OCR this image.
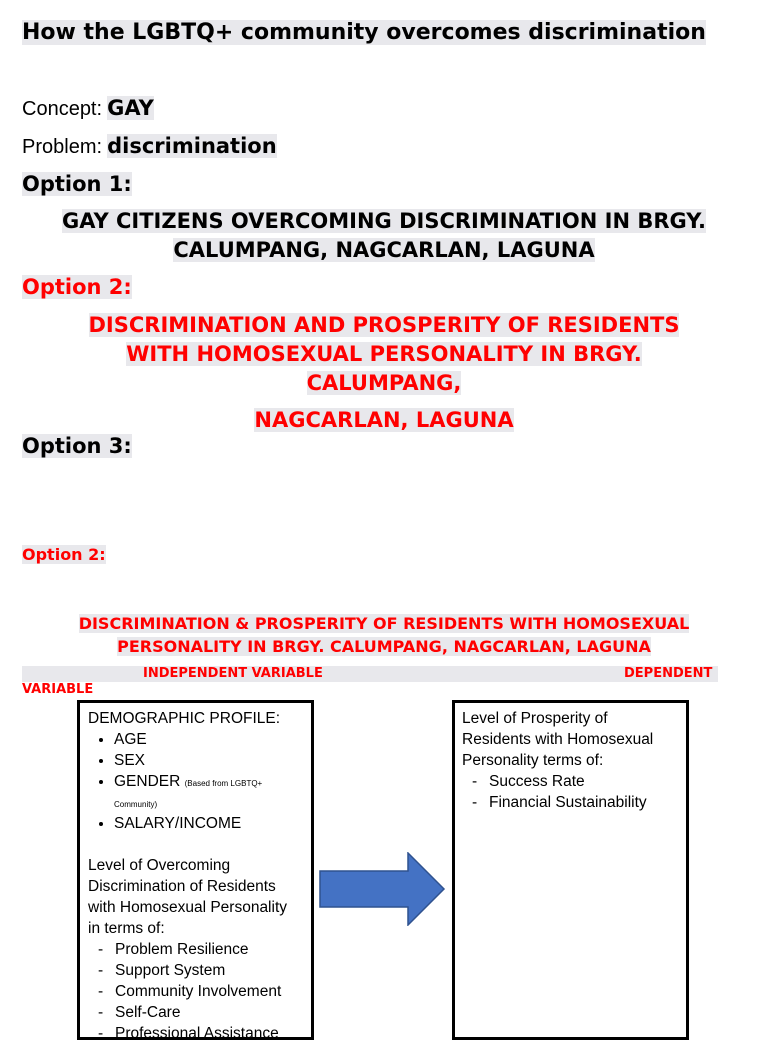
How the LGBTQ+ community overcomes discrimination
Concept: GAY
Problem: discrimination
Option 1:
GAY CITIZENS OVERCOMING DISCRIMINATION IN BRGY.
CALUMPANG, NAGCARLAN, LAGUNA
Option 2:
DISCRIMINATION AND PROSPERITY OF RESIDENTS
WITH HOMOSEXUAL PERSONALITY IN BRGY.
CALUMPANG,
NAGCARLAN, LAGUNA
Option 3:
Option 2:
DISCRIMINATION & PROSPERITY OF RESIDENTS WITH HOMOSEXUAL
PERSONALITY IN BRGY. CALUMPANG, NAGCARLAN, LAGUNA
INDEPENDENT VARIABLE	DEPENDENT
VARIABLE
DEMOGRAPHIC PROFILE:
• AGE
• SEX
• GENDER (Based from LGBTQ+ Community)
• SALARY/INCOME
Level of Overcoming Discrimination of Residents with Homosexual Personality in terms of:
- Problem Resilience
- Support System
- Community Involvement
- Self-Care
- Professional Assistance
Level of Prosperity of Residents with Homosexual Personality terms of:
- Success Rate
- Financial Sustainability
